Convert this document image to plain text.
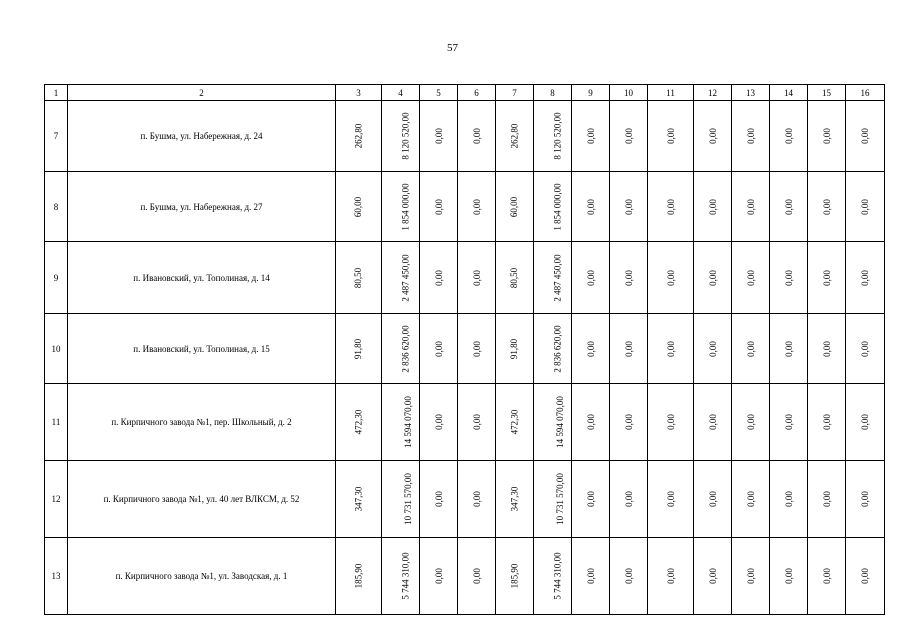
57
1	2	3	4	5	6	7	8	9	10	11	12	13	14	15	16
7	п. Бушма, ул. Набережная, д. 24	262,80	8 120 520,00	0,00	0,00	262,80	8 120 520,00	0,00	0,00	0,00	0,00	0,00	0,00	0,00	0,00
8	п. Бушма, ул. Набережная, д. 27	60,00	1 854 000,00	0,00	0,00	60,00	1 854 000,00	0,00	0,00	0,00	0,00	0,00	0,00	0,00	0,00
9	п. Ивановский, ул. Тополиная, д. 14	80,50	2 487 450,00	0,00	0,00	80,50	2 487 450,00	0,00	0,00	0,00	0,00	0,00	0,00	0,00	0,00
10	п. Ивановский, ул. Тополиная, д. 15	91,80	2 836 620,00	0,00	0,00	91,80	2 836 620,00	0,00	0,00	0,00	0,00	0,00	0,00	0,00	0,00
11	п. Кирпичного завода №1, пер. Школьный, д. 2	472,30	14 594 070,00	0,00	0,00	472,30	14 594 070,00	0,00	0,00	0,00	0,00	0,00	0,00	0,00	0,00
12	п. Кирпичного завода №1, ул. 40 лет ВЛКСМ, д. 52	347,30	10 731 570,00	0,00	0,00	347,30	10 731 570,00	0,00	0,00	0,00	0,00	0,00	0,00	0,00	0,00
13	п. Кирпичного завода №1, ул. Заводская, д. 1	185,90	5 744 310,00	0,00	0,00	185,90	5 744 310,00	0,00	0,00	0,00	0,00	0,00	0,00	0,00	0,00
